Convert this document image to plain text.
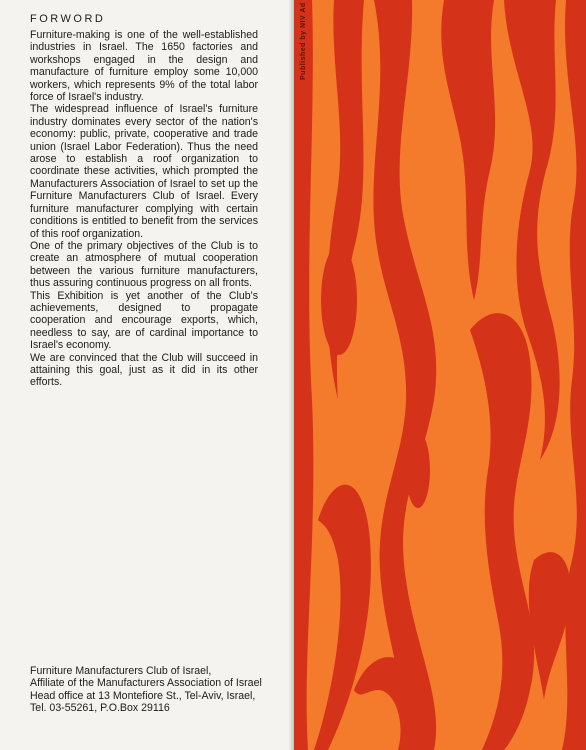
FORWORD

Furniture-making is one of the well-established industries in Israel. The 1650 factories and workshops engaged in the design and manufacture of furniture employ some 10,000 workers, which represents 9% of the total labor force of Israel's industry.

The widespread influence of Israel's furniture industry dominates every sector of the nation's economy: public, private, cooperative and trade union (Israel Labor Federation). Thus the need arose to establish a roof organization to coordinate these activities, which prompted the Manufacturers Association of Israel to set up the Furniture Manufacturers Club of Israel. Every furniture manufacturer complying with certain conditions is entitled to benefit from the services of this roof organization.

One of the primary objectives of the Club is to create an atmosphere of mutual cooperation between the various furniture manufacturers, thus assuring continuous progress on all fronts.

This Exhibition is yet another of the Club's achievements, designed to propagate cooperation and encourage exports, which, needless to say, are of cardinal importance to Israel's economy.

We are convinced that the Club will succeed in attaining this goal, just as it did in its other efforts.

Furniture Manufacturers Club of Israel,

Affiliate of the Manufacturers Association of Israel

Head office at 13 Montefiore St., Tel-Aviv, Israel, Tel. 03-55261, P.O.Box 29116

Published by NIV Ad
